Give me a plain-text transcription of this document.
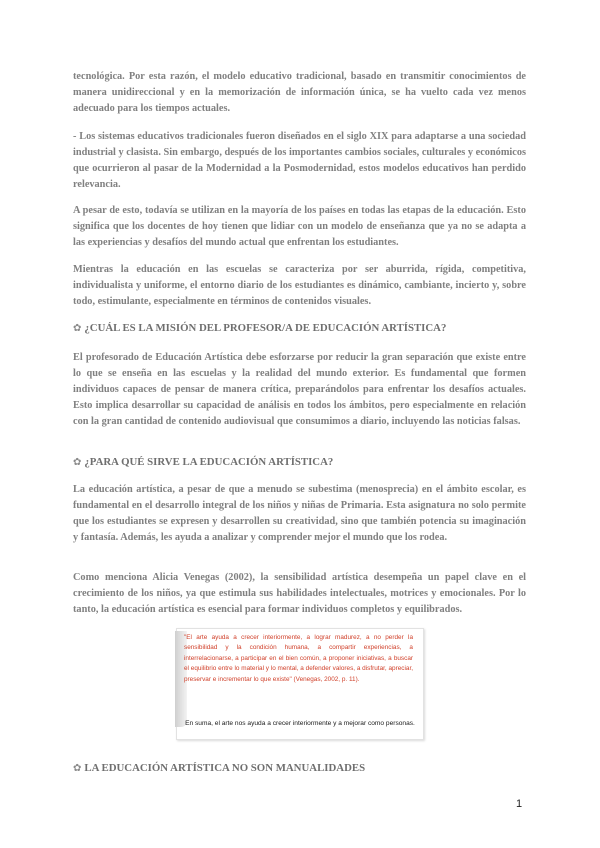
tecnológica. Por esta razón, el modelo educativo tradicional, basado en transmitir conocimientos de manera unidireccional y en la memorización de información única, se ha vuelto cada vez menos adecuado para los tiempos actuales.

- Los sistemas educativos tradicionales fueron diseñados en el siglo XIX para adaptarse a una sociedad industrial y clasista. Sin embargo, después de los importantes cambios sociales, culturales y económicos que ocurrieron al pasar de la Modernidad a la Posmodernidad, estos modelos educativos han perdido relevancia.

A pesar de esto, todavía se utilizan en la mayoría de los países en todas las etapas de la educación. Esto significa que los docentes de hoy tienen que lidiar con un modelo de enseñanza que ya no se adapta a las experiencias y desafíos del mundo actual que enfrentan los estudiantes.

Mientras la educación en las escuelas se caracteriza por ser aburrida, rígida, competitiva, individualista y uniforme, el entorno diario de los estudiantes es dinámico, cambiante, incierto y, sobre todo, estimulante, especialmente en términos de contenidos visuales.

✿ ¿CUÁL ES LA MISIÓN DEL PROFESOR/A DE EDUCACIÓN ARTÍSTICA?

El profesorado de Educación Artística debe esforzarse por reducir la gran separación que existe entre lo que se enseña en las escuelas y la realidad del mundo exterior. Es fundamental que formen individuos capaces de pensar de manera crítica, preparándolos para enfrentar los desafíos actuales. Esto implica desarrollar su capacidad de análisis en todos los ámbitos, pero especialmente en relación con la gran cantidad de contenido audiovisual que consumimos a diario, incluyendo las noticias falsas.

✿ ¿PARA QUÉ SIRVE LA EDUCACIÓN ARTÍSTICA?

La educación artística, a pesar de que a menudo se subestima (menosprecia) en el ámbito escolar, es fundamental en el desarrollo integral de los niños y niñas de Primaria. Esta asignatura no solo permite que los estudiantes se expresen y desarrollen su creatividad, sino que también potencia su imaginación y fantasía. Además, les ayuda a analizar y comprender mejor el mundo que los rodea.

Como menciona Alicia Venegas (2002), la sensibilidad artística desempeña un papel clave en el crecimiento de los niños, ya que estimula sus habilidades intelectuales, motrices y emocionales. Por lo tanto, la educación artística es esencial para formar individuos completos y equilibrados.

"El arte ayuda a crecer interiormente, a lograr madurez, a no perder la sensibilidad y la condición humana, a compartir experiencias, a interrelacionarse, a participar en el bien común, a proponer iniciativas, a buscar el equilibrio entre lo material y lo mental, a defender valores, a disfrutar, apreciar, preservar e incrementar lo que existe" (Venegas, 2002, p. 11).

En suma, el arte nos ayuda a crecer interiormente y a mejorar como personas.

✿ LA EDUCACIÓN ARTÍSTICA NO SON MANUALIDADES
1
